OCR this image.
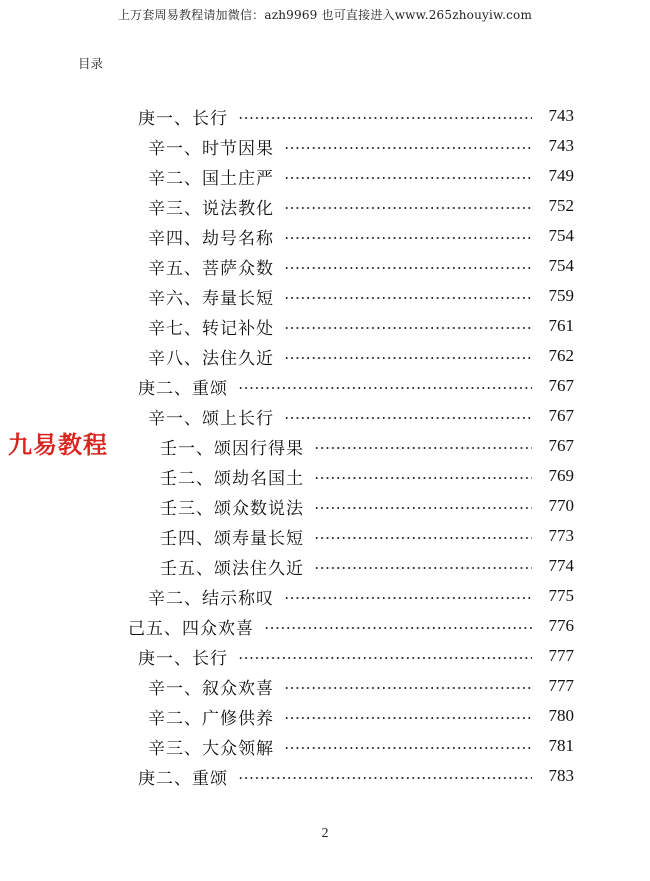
上万套周易教程请加微信：azh9969 也可直接进入www.265zhouyiw.com
目录
庚一、长行	743
辛一、时节因果	743
辛二、国土庄严	749
辛三、说法教化	752
辛四、劫号名称	754
辛五、菩萨众数	754
辛六、寿量长短	759
辛七、转记补处	761
辛八、法住久近	762
庚二、重颂	767
辛一、颂上长行	767
壬一、颂因行得果	767
壬二、颂劫名国土	769
壬三、颂众数说法	770
壬四、颂寿量长短	773
壬五、颂法住久近	774
辛二、结示称叹	775
己五、四众欢喜	776
庚一、长行	777
辛一、叙众欢喜	777
辛二、广修供养	780
辛三、大众领解	781
庚二、重颂	783
九易教程
2
